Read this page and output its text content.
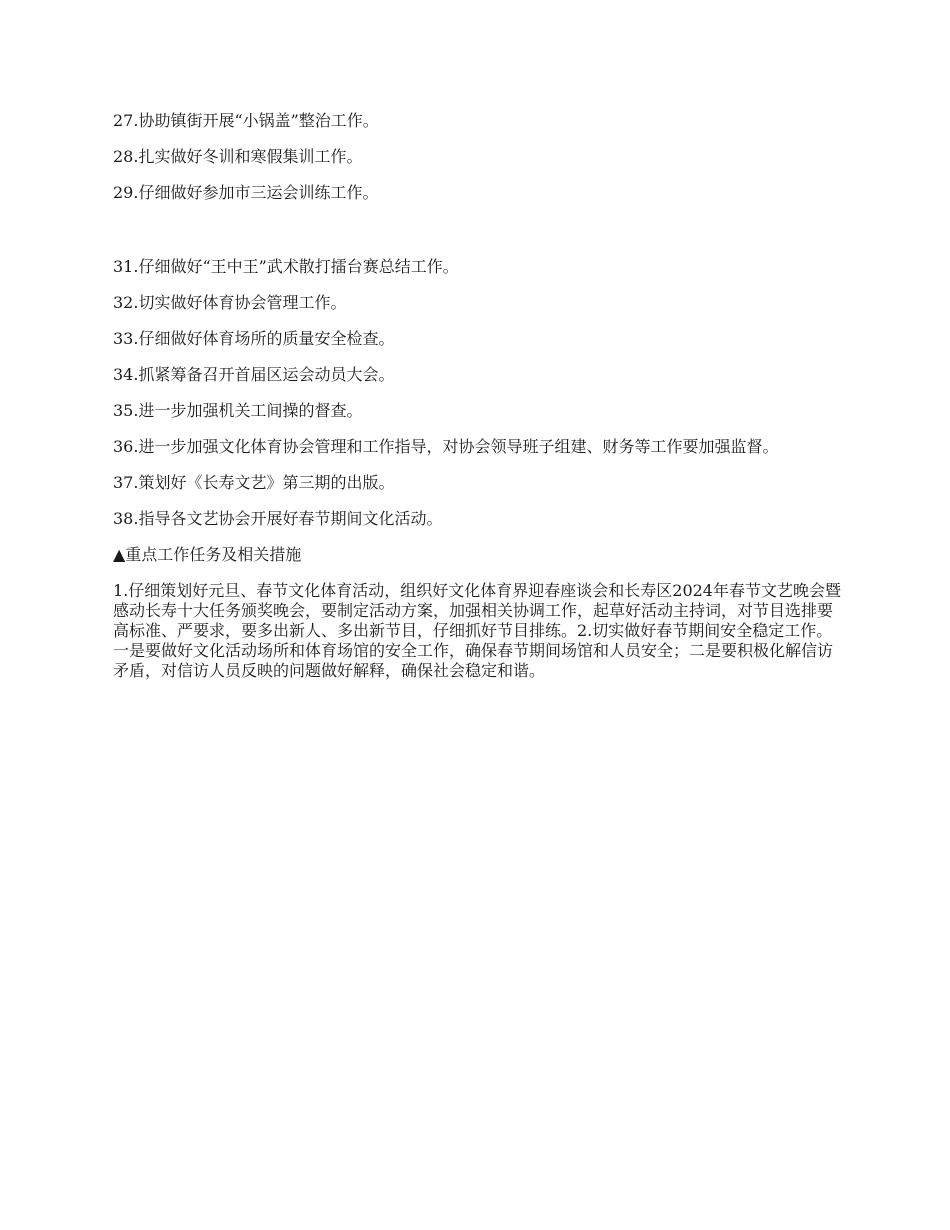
27.协助镇街开展“小锅盖”整治工作。

28.扎实做好冬训和寒假集训工作。

29.仔细做好参加市三运会训练工作。

31.仔细做好“王中王”武术散打擂台赛总结工作。

32.切实做好体育协会管理工作。

33.仔细做好体育场所的质量安全检查。

34.抓紧筹备召开首届区运会动员大会。

35.进一步加强机关工间操的督查。

36.进一步加强文化体育协会管理和工作指导，对协会领导班子组建、财务等工作要加强监督。

37.策划好《长寿文艺》第三期的出版。

38.指导各文艺协会开展好春节期间文化活动。

▲重点工作任务及相关措施

1.仔细策划好元旦、春节文化体育活动，组织好文化体育界迎春座谈会和长寿区2024年春节文艺晚会暨感动长寿十大任务颁奖晚会，要制定活动方案，加强相关协调工作，起草好活动主持词，对节目选排要高标准、严要求，要多出新人、多出新节目，仔细抓好节目排练。2.切实做好春节期间安全稳定工作。一是要做好文化活动场所和体育场馆的安全工作，确保春节期间场馆和人员安全；二是要积极化解信访矛盾，对信访人员反映的问题做好解释，确保社会稳定和谐。
